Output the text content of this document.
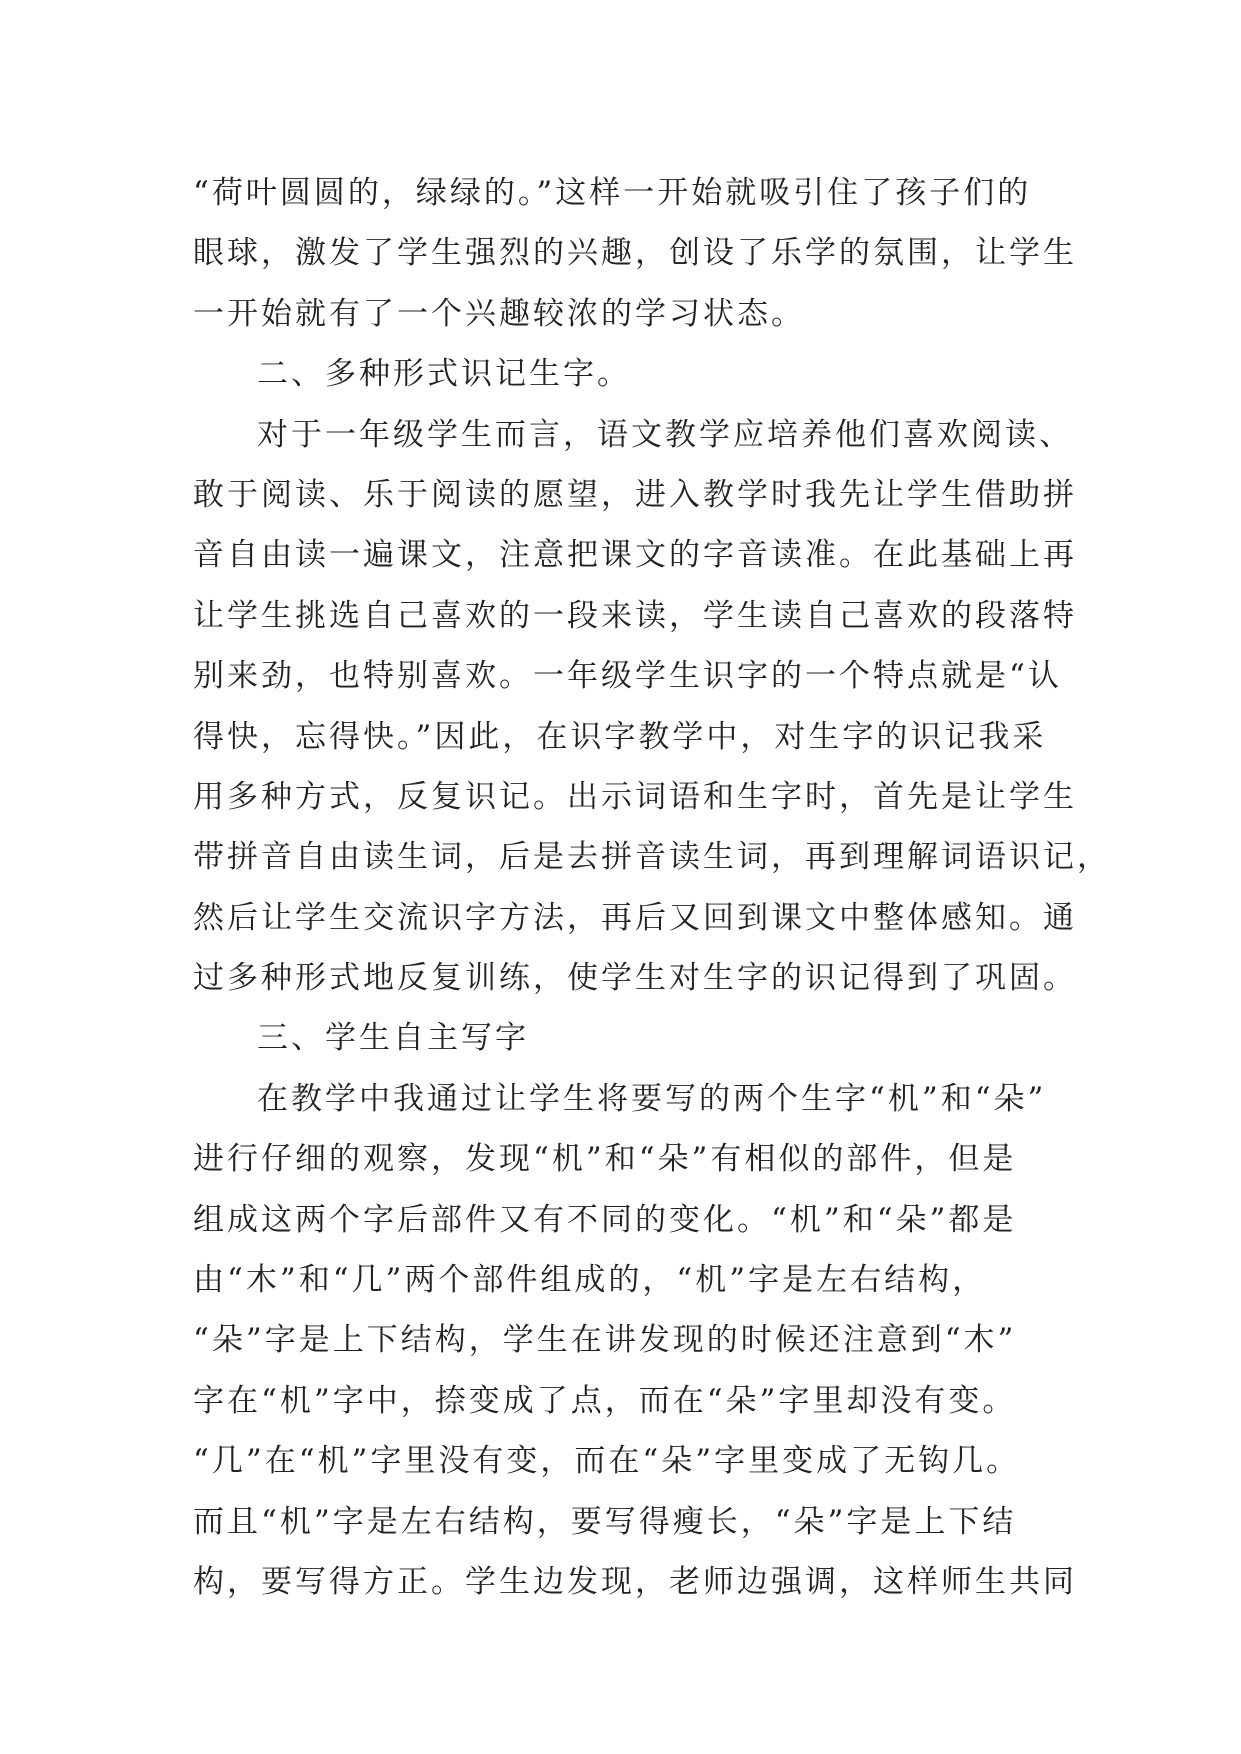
“荷叶圆圆的，绿绿的。”这样一开始就吸引住了孩子们的
眼球，激发了学生强烈的兴趣，创设了乐学的氛围，让学生
一开始就有了一个兴趣较浓的学习状态。
二、多种形式识记生字。
对于一年级学生而言，语文教学应培养他们喜欢阅读、
敢于阅读、乐于阅读的愿望，进入教学时我先让学生借助拼
音自由读一遍课文，注意把课文的字音读准。在此基础上再
让学生挑选自己喜欢的一段来读，学生读自己喜欢的段落特
别来劲，也特别喜欢。一年级学生识字的一个特点就是“认
得快，忘得快。”因此，在识字教学中，对生字的识记我采
用多种方式，反复识记。出示词语和生字时，首先是让学生
带拼音自由读生词，后是去拼音读生词，再到理解词语识记，
然后让学生交流识字方法，再后又回到课文中整体感知。通
过多种形式地反复训练，使学生对生字的识记得到了巩固。
三、学生自主写字
在教学中我通过让学生将要写的两个生字“机”和“朵”
进行仔细的观察，发现“机”和“朵”有相似的部件，但是
组成这两个字后部件又有不同的变化。“机”和“朵”都是
由“木”和“几”两个部件组成的，“机”字是左右结构，
“朵”字是上下结构，学生在讲发现的时候还注意到“木”
字在“机”字中，捺变成了点，而在“朵”字里却没有变。
“几”在“机”字里没有变，而在“朵”字里变成了无钩几。
而且“机”字是左右结构，要写得瘦长，“朵”字是上下结
构，要写得方正。学生边发现，老师边强调，这样师生共同
